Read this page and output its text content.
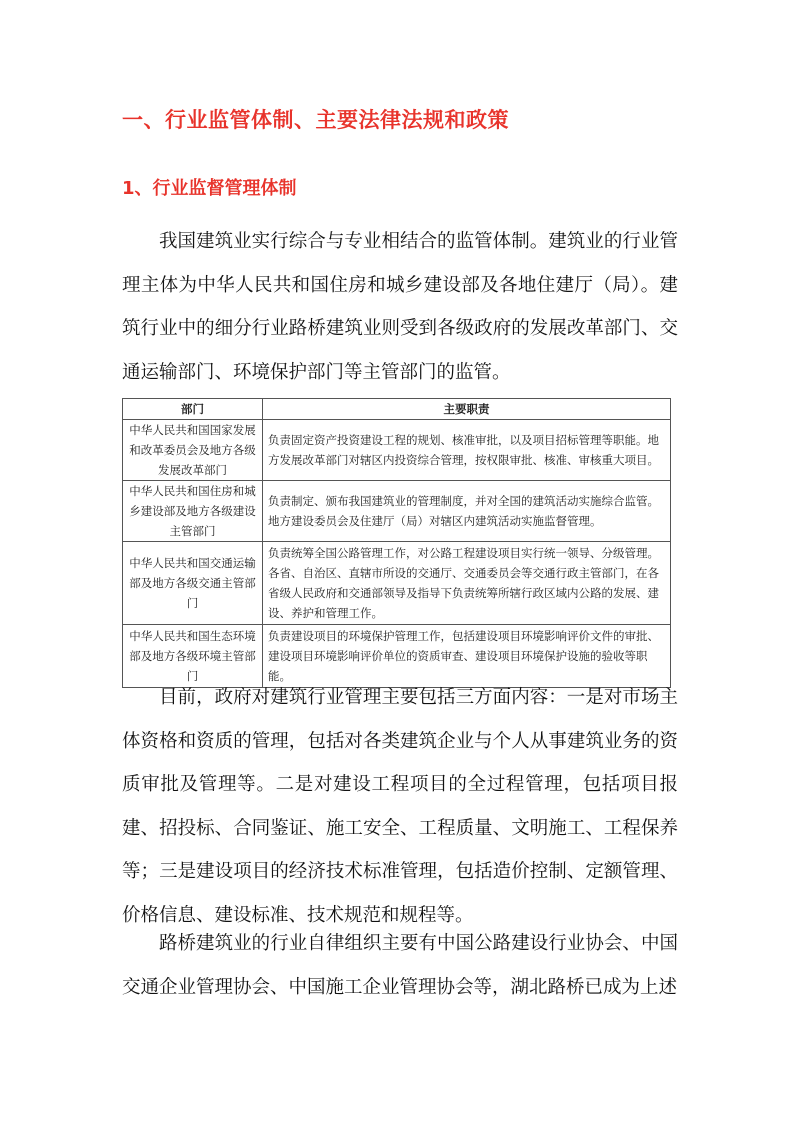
一、行业监管体制、主要法律法规和政策
1、行业监督管理体制

我国建筑业实行综合与专业相结合的监管体制。建筑业的行业管理主体为中华人民共和国住房和城乡建设部及各地住建厅（局）。建筑行业中的细分行业路桥建筑业则受到各级政府的发展改革部门、交通运输部门、环境保护部门等主管部门的监管。

部门	主要职责
中华人民共和国国家发展和改革委员会及地方各级发展改革部门	负责固定资产投资建设工程的规划、核准审批，以及项目招标管理等职能。地方发展改革部门对辖区内投资综合管理，按权限审批、核准、审核重大项目。
中华人民共和国住房和城乡建设部及地方各级建设主管部门	负责制定、颁布我国建筑业的管理制度，并对全国的建筑活动实施综合监管。地方建设委员会及住建厅（局）对辖区内建筑活动实施监督管理。
中华人民共和国交通运输部及地方各级交通主管部门	负责统筹全国公路管理工作，对公路工程建设项目实行统一领导、分级管理。各省、自治区、直辖市所设的交通厅、交通委员会等交通行政主管部门，在各省级人民政府和交通部领导及指导下负责统筹所辖行政区域内公路的发展、建设、养护和管理工作。
中华人民共和国生态环境部及地方各级环境主管部门	负责建设项目的环境保护管理工作，包括建设项目环境影响评价文件的审批、建设项目环境影响评价单位的资质审查、建设项目环境保护设施的验收等职能。

目前，政府对建筑行业管理主要包括三方面内容：一是对市场主体资格和资质的管理，包括对各类建筑企业与个人从事建筑业务的资质审批及管理等。二是对建设工程项目的全过程管理，包括项目报建、招投标、合同鉴证、施工安全、工程质量、文明施工、工程保养等；三是建设项目的经济技术标准管理，包括造价控制、定额管理、价格信息、建设标准、技术规范和规程等。

路桥建筑业的行业自律组织主要有中国公路建设行业协会、中国交通企业管理协会、中国施工企业管理协会等，湖北路桥已成为上述
